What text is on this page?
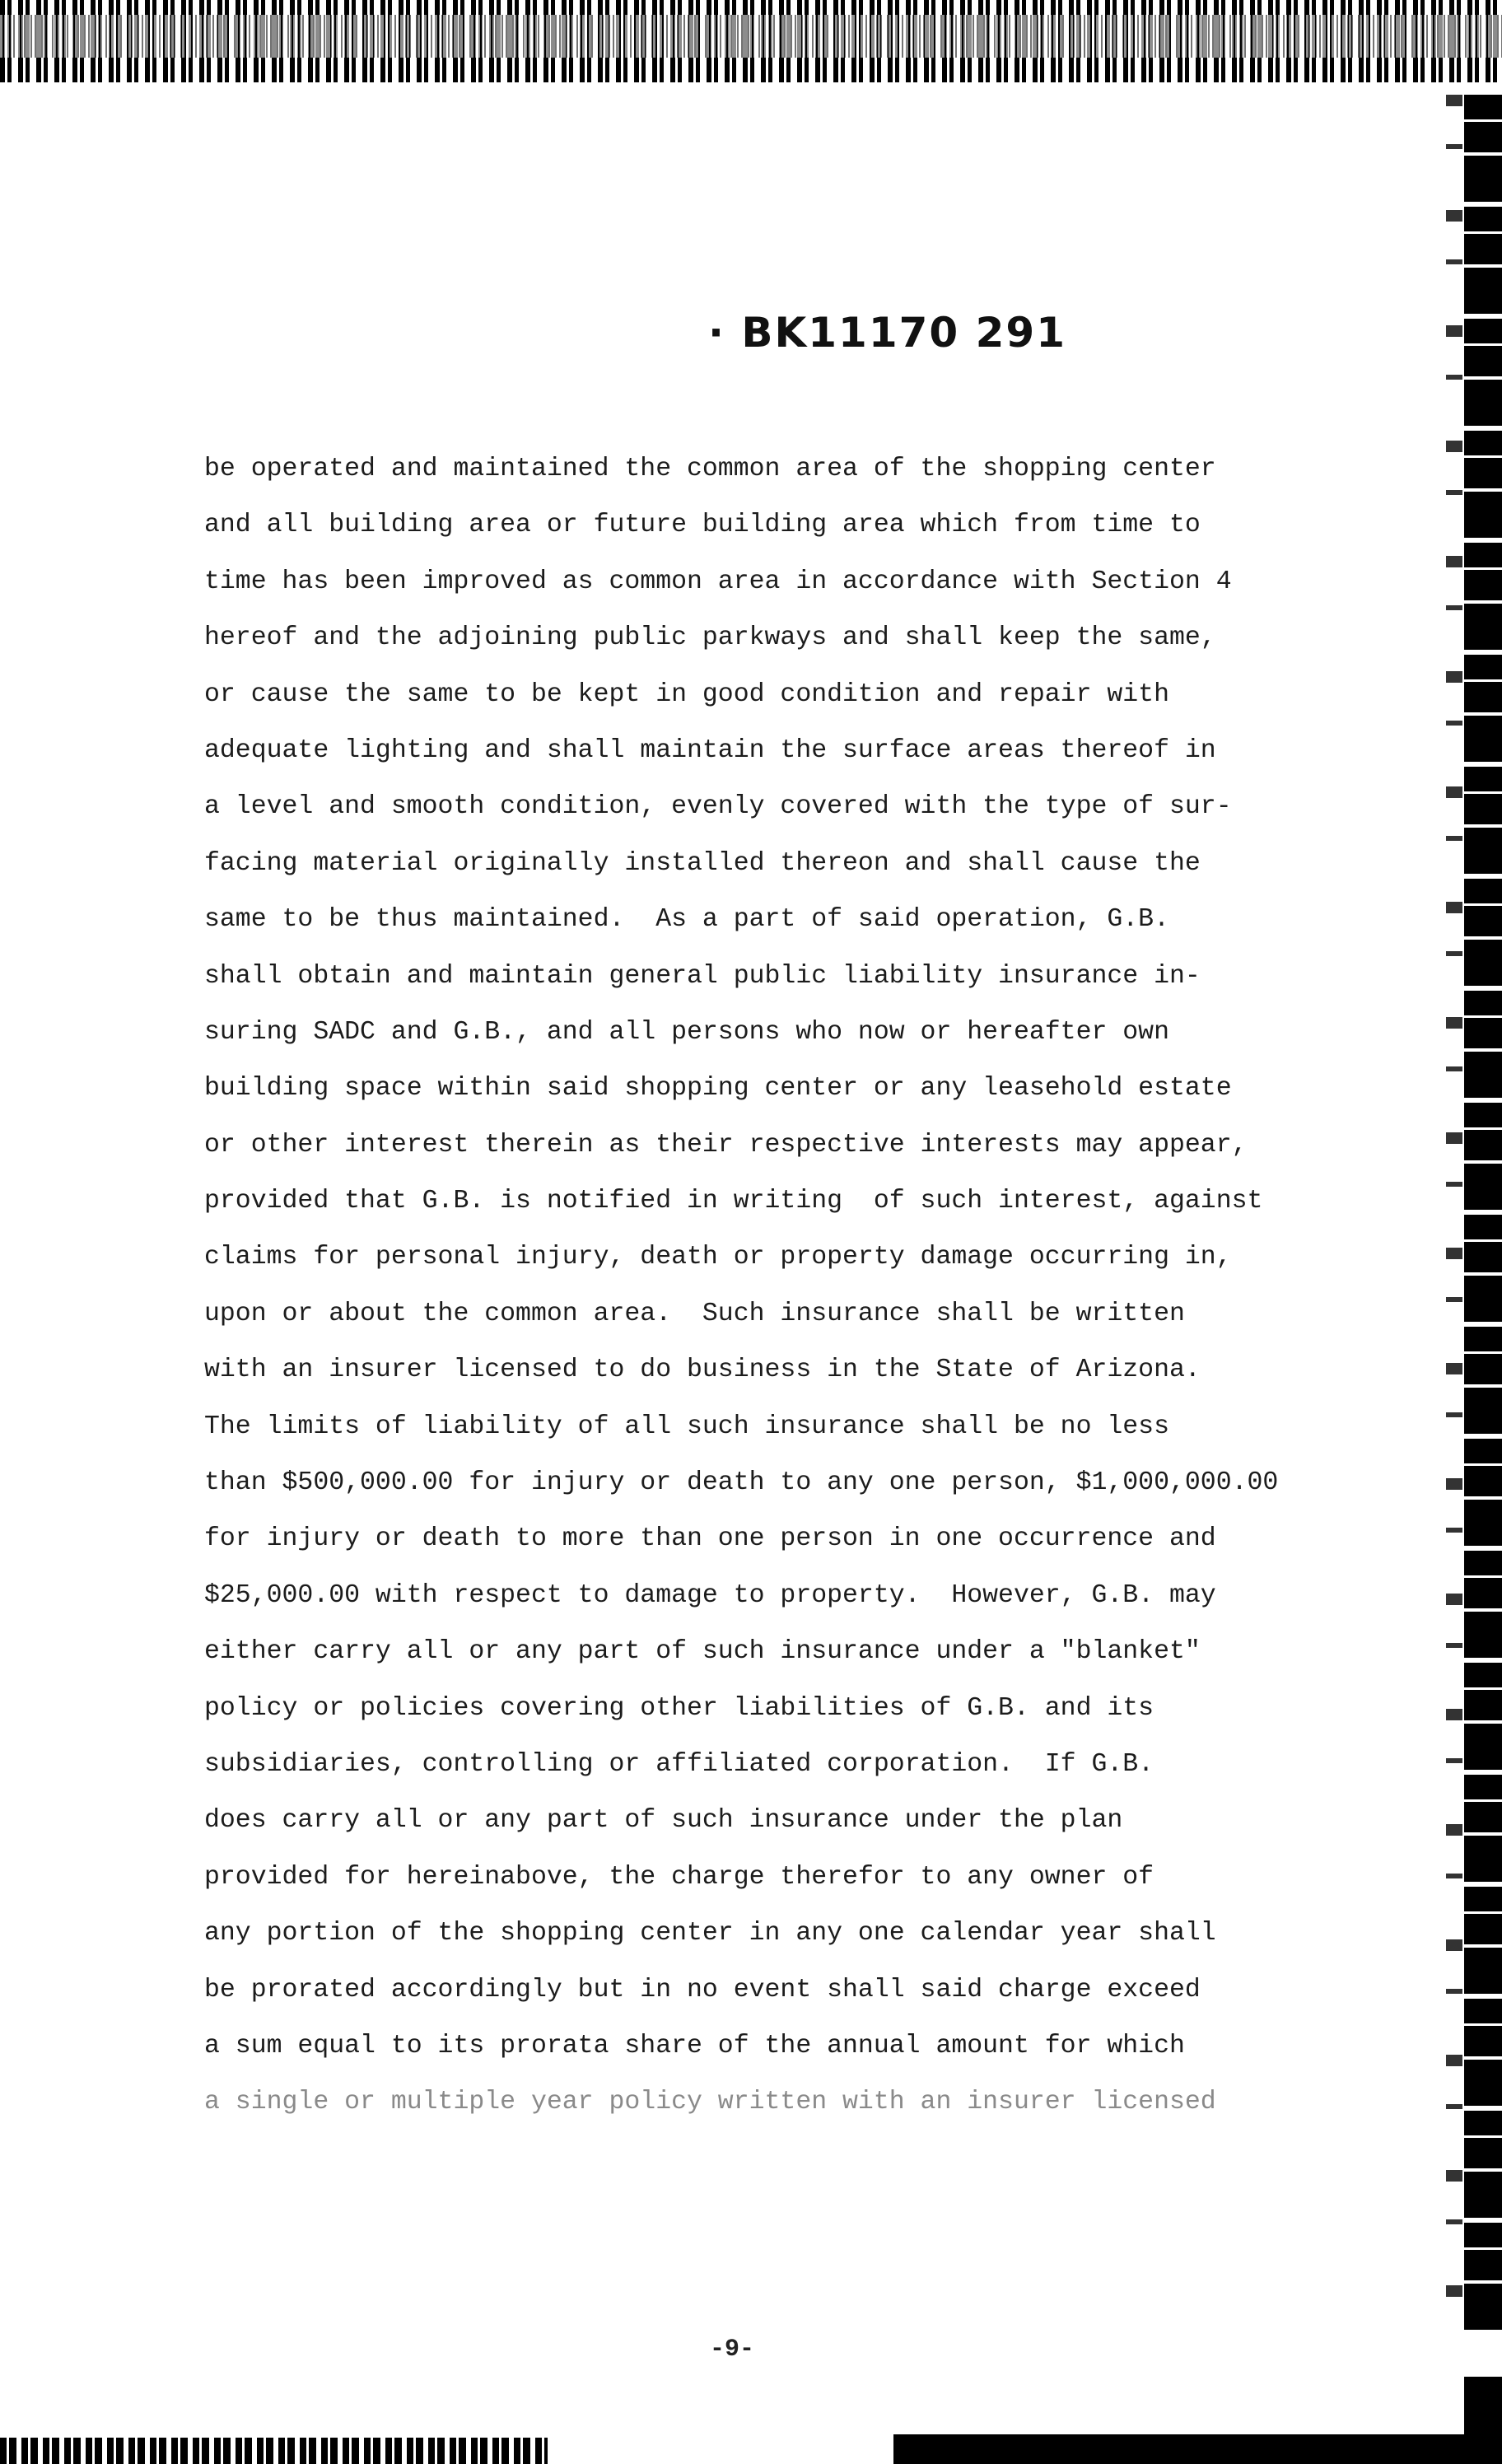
· BK11170 291
be operated and maintained the common area of the shopping center
and all building area or future building area which from time to
time has been improved as common area in accordance with Section 4
hereof and the adjoining public parkways and shall keep the same,
or cause the same to be kept in good condition and repair with
adequate lighting and shall maintain the surface areas thereof in
a level and smooth condition, evenly covered with the type of sur-
facing material originally installed thereon and shall cause the
same to be thus maintained.  As a part of said operation, G.B.
shall obtain and maintain general public liability insurance in-
suring SADC and G.B., and all persons who now or hereafter own
building space within said shopping center or any leasehold estate
or other interest therein as their respective interests may appear,
provided that G.B. is notified in writing  of such interest, against
claims for personal injury, death or property damage occurring in,
upon or about the common area.  Such insurance shall be written
with an insurer licensed to do business in the State of Arizona.
The limits of liability of all such insurance shall be no less
than $500,000.00 for injury or death to any one person, $1,000,000.00
for injury or death to more than one person in one occurrence and
$25,000.00 with respect to damage to property.  However, G.B. may
either carry all or any part of such insurance under a "blanket"
policy or policies covering other liabilities of G.B. and its
subsidiaries, controlling or affiliated corporation.  If G.B.
does carry all or any part of such insurance under the plan
provided for hereinabove, the charge therefor to any owner of
any portion of the shopping center in any one calendar year shall
be prorated accordingly but in no event shall said charge exceed
a sum equal to its prorata share of the annual amount for which
a single or multiple year policy written with an insurer licensed
-9-
